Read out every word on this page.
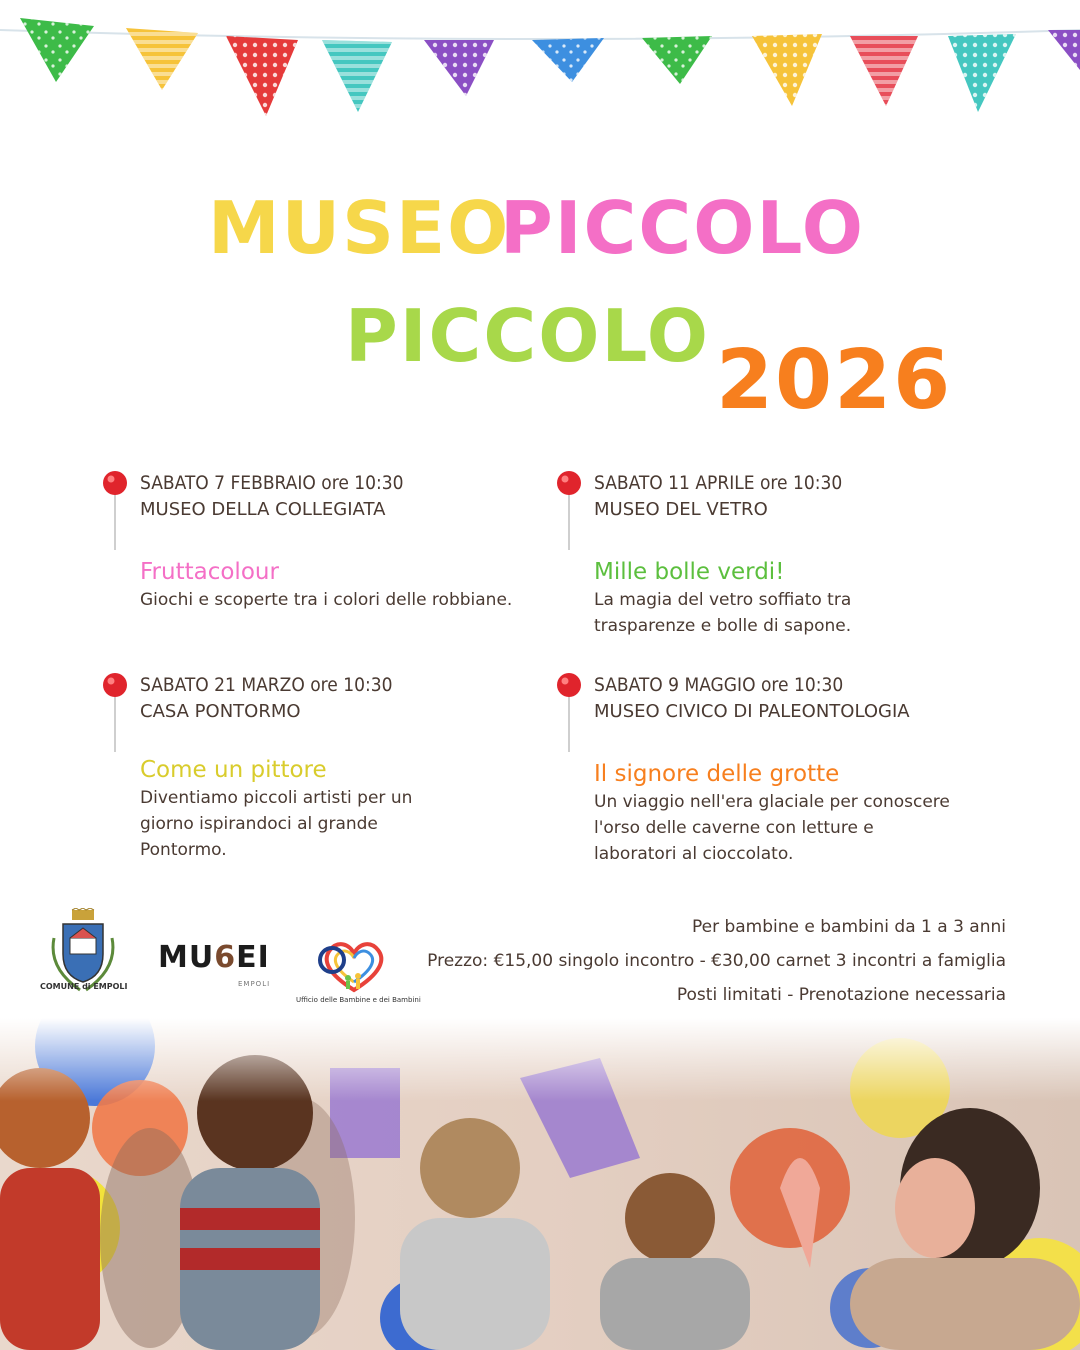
MUSEO
PICCOLO
PICCOLO 2026
SABATO 7 FEBBRAIO ore 10:30
MUSEO DELLA COLLEGIATA
Fruttacolour
Giochi e scoperte tra i colori delle robbiane.
SABATO 21 MARZO ore 10:30
CASA PONTORMO
Come un pittore
Diventiamo piccoli artisti per un giorno ispirandoci al grande Pontormo.
SABATO 11 APRILE ore 10:30
MUSEO DEL VETRO
Mille bolle verdi!
La magia del vetro soffiato tra trasparenze e bolle di sapone.
SABATO 9 MAGGIO ore 10:30
MUSEO CIVICO DI PALEONTOLOGIA
Il signore delle grotte
Un viaggio nell'era glaciale per conoscere l'orso delle caverne con letture e laboratori al cioccolato.
COMUNE di EMPOLI
MU6EI
EMPOLI
Ufficio delle Bambine e dei Bambini
Per bambine e bambini da 1 a 3 anni
Prezzo: €15,00 singolo incontro - €30,00 carnet 3 incontri a famiglia
Posti limitati - Prenotazione necessaria
